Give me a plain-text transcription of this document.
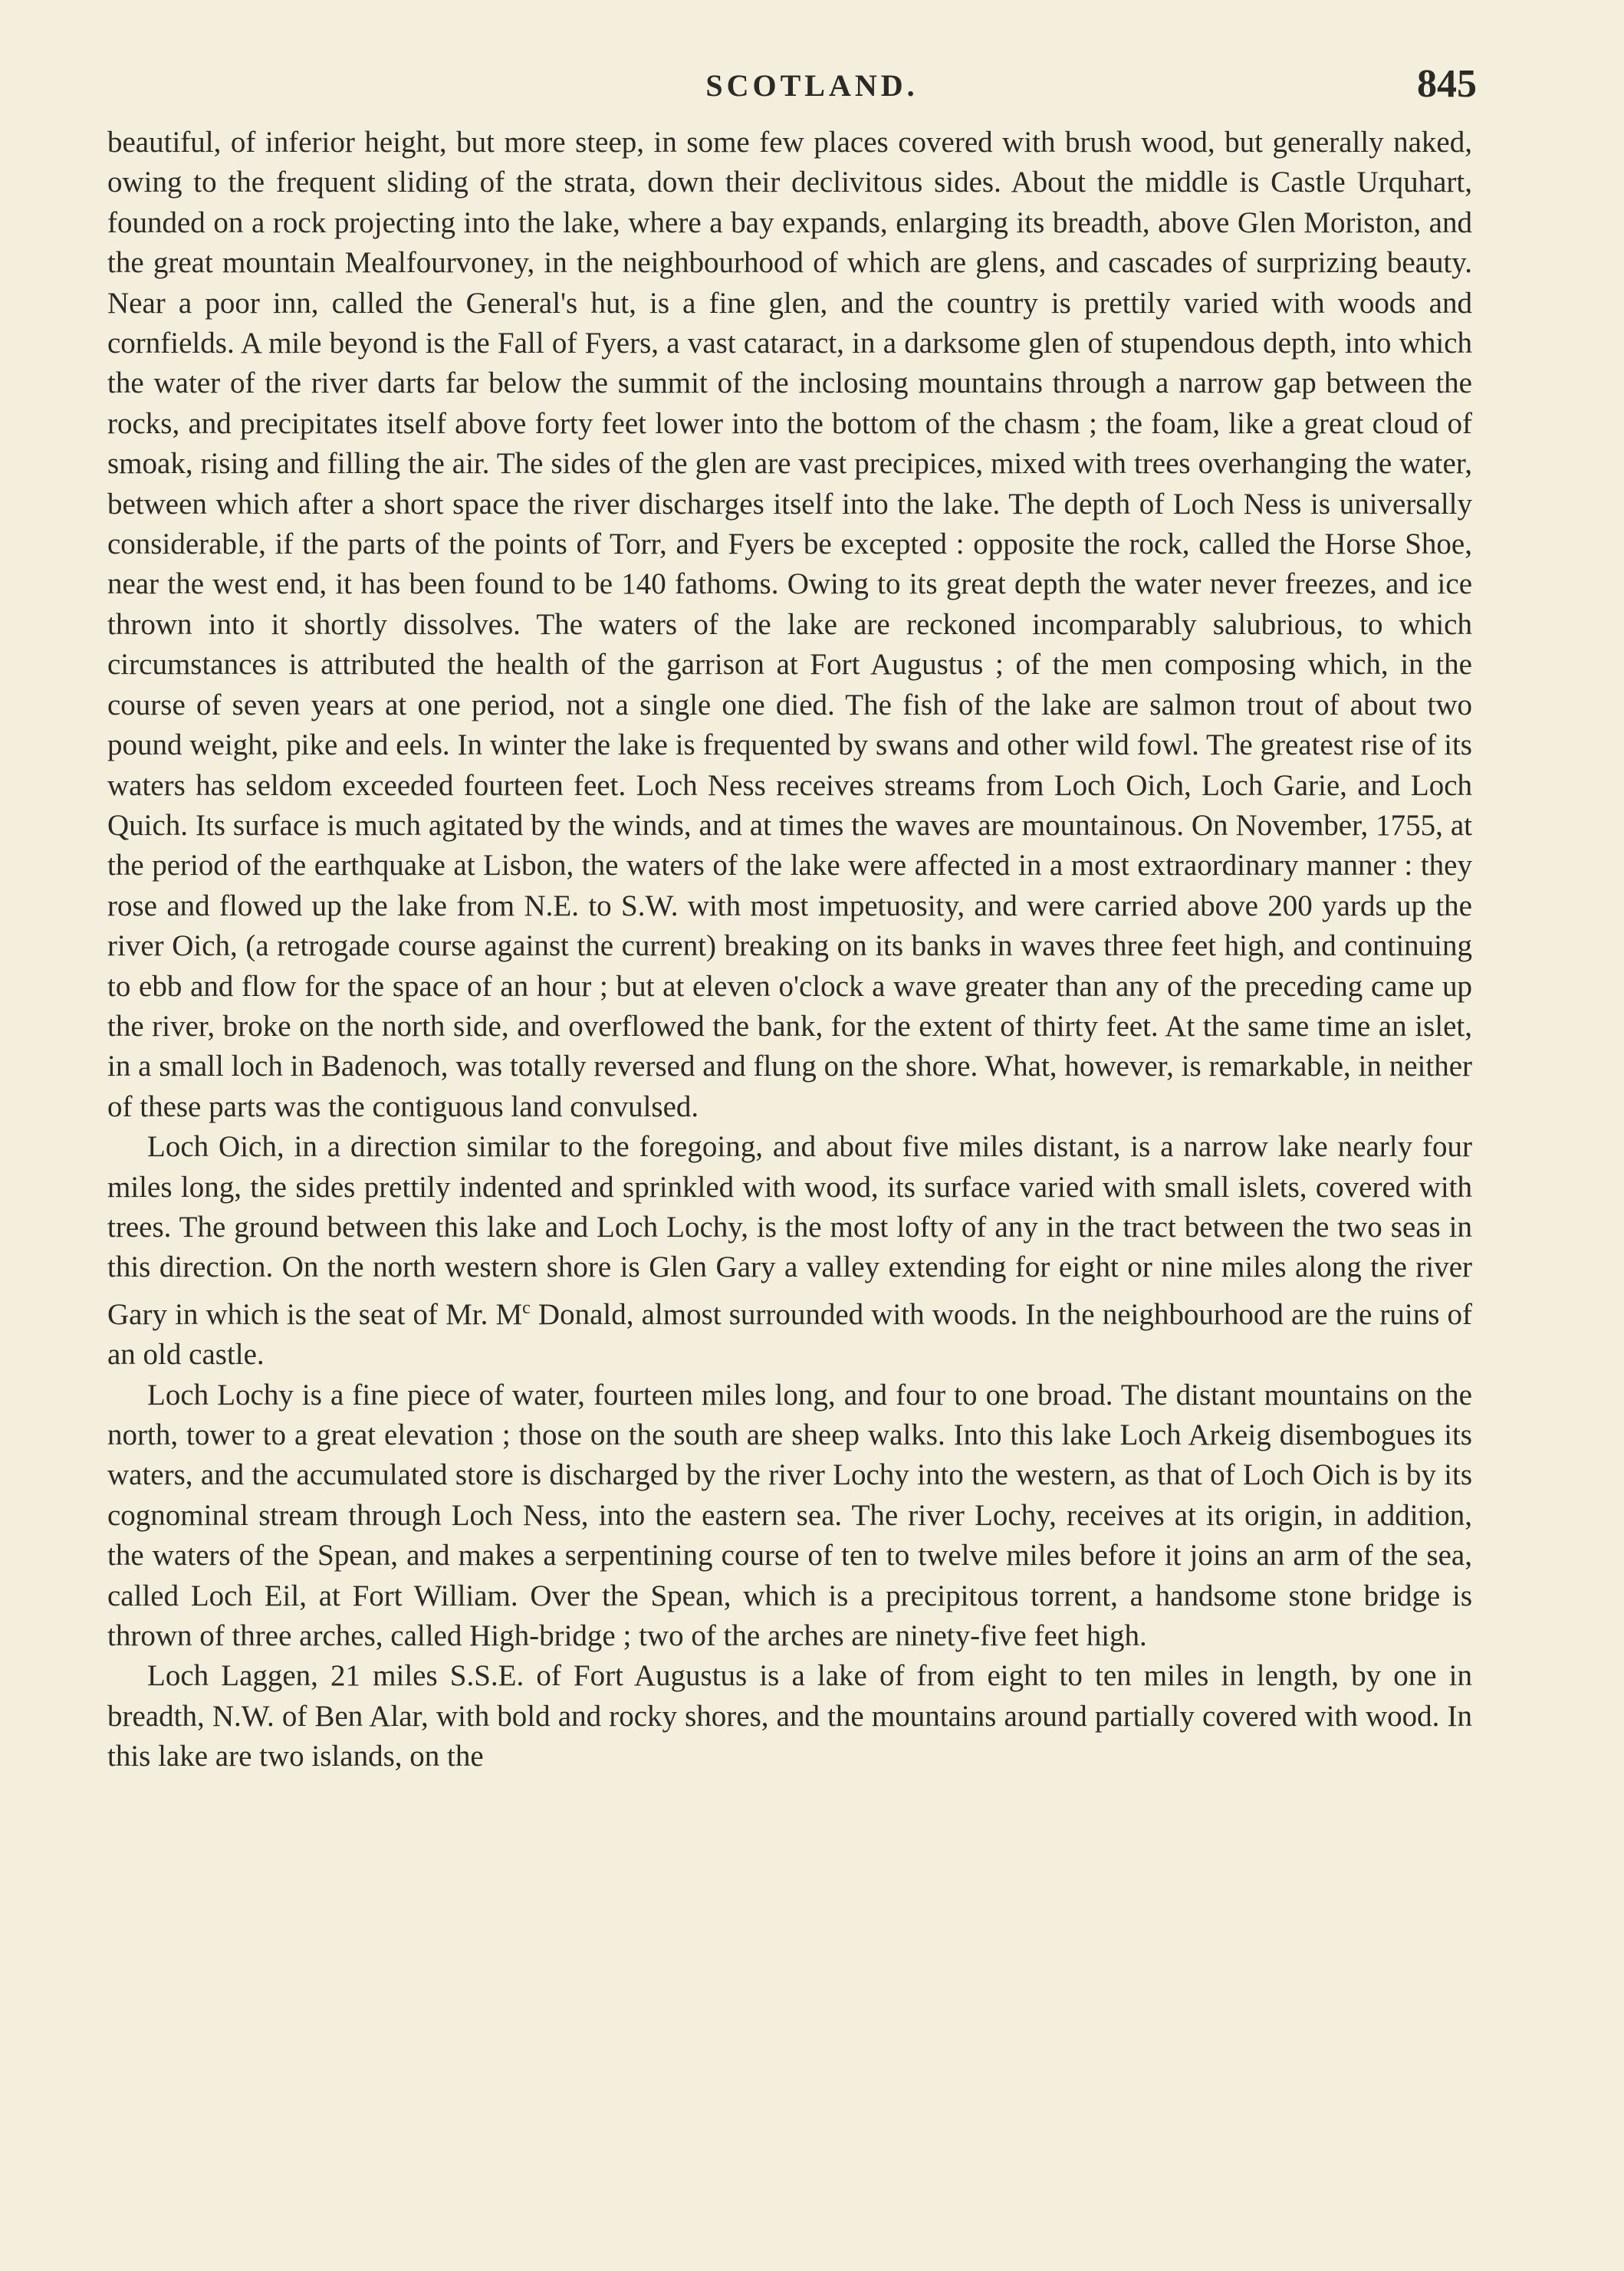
SCOTLAND.	845

beautiful, of inferior height, but more steep, in some few places covered with brush wood, but generally naked, owing to the frequent sliding of the strata, down their declivitous sides. About the middle is Castle Urquhart, founded on a rock projecting into the lake, where a bay expands, enlarging its breadth, above Glen Moriston, and the great mountain Mealfourvoney, in the neighbourhood of which are glens, and cascades of surprizing beauty. Near a poor inn, called the General's hut, is a fine glen, and the country is prettily varied with woods and cornfields. A mile beyond is the Fall of Fyers, a vast cataract, in a darksome glen of stupendous depth, into which the water of the river darts far below the summit of the inclosing mountains through a narrow gap between the rocks, and precipitates itself above forty feet lower into the bottom of the chasm ; the foam, like a great cloud of smoak, rising and filling the air. The sides of the glen are vast precipices, mixed with trees overhanging the water, between which after a short space the river discharges itself into the lake. The depth of Loch Ness is universally considerable, if the parts of the points of Torr, and Fyers be excepted : opposite the rock, called the Horse Shoe, near the west end, it has been found to be 140 fathoms. Owing to its great depth the water never freezes, and ice thrown into it shortly dissolves. The waters of the lake are reckoned incomparably salubrious, to which circumstances is attributed the health of the garrison at Fort Augustus ; of the men composing which, in the course of seven years at one period, not a single one died. The fish of the lake are salmon trout of about two pound weight, pike and eels. In winter the lake is frequented by swans and other wild fowl. The greatest rise of its waters has seldom exceeded fourteen feet. Loch Ness receives streams from Loch Oich, Loch Garie, and Loch Quich. Its surface is much agitated by the winds, and at times the waves are mountainous. On November, 1755, at the period of the earthquake at Lisbon, the waters of the lake were affected in a most extraordinary manner : they rose and flowed up the lake from N.E. to S.W. with most impetuosity, and were carried above 200 yards up the river Oich, (a retrogade course against the current) breaking on its banks in waves three feet high, and continuing to ebb and flow for the space of an hour ; but at eleven o'clock a wave greater than any of the preceding came up the river, broke on the north side, and overflowed the bank, for the extent of thirty feet. At the same time an islet, in a small loch in Badenoch, was totally reversed and flung on the shore. What, however, is remarkable, in neither of these parts was the contiguous land convulsed.

Loch Oich, in a direction similar to the foregoing, and about five miles distant, is a narrow lake nearly four miles long, the sides prettily indented and sprinkled with wood, its surface varied with small islets, covered with trees. The ground between this lake and Loch Lochy, is the most lofty of any in the tract between the two seas in this direction. On the north western shore is Glen Gary a valley extending for eight or nine miles along the river Gary in which is the seat of Mr. $M^c$ Donald, almost surrounded with woods. In the neighbourhood are the ruins of an old castle.

Loch Lochy is a fine piece of water, fourteen miles long, and four to one broad. The distant mountains on the north, tower to a great elevation ; those on the south are sheep walks. Into this lake Loch Arkeig disembogues its waters, and the accumulated store is discharged by the river Lochy into the western, as that of Loch Oich is by its cognominal stream through Loch Ness, into the eastern sea. The river Lochy, receives at its origin, in addition, the waters of the Spean, and makes a serpentining course of ten to twelve miles before it joins an arm of the sea, called Loch Eil, at Fort William. Over the Spean, which is a precipitous torrent, a handsome stone bridge is thrown of three arches, called High-bridge ; two of the arches are ninety-five feet high.

Loch Laggen, 21 miles S.S.E. of Fort Augustus is a lake of from eight to ten miles in length, by one in breadth, N.W. of Ben Alar, with bold and rocky shores, and the mountains around partially covered with wood. In this lake are two islands, on the
